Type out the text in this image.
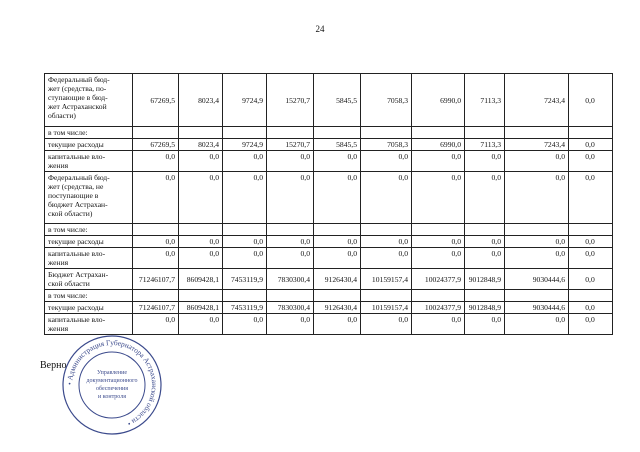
24
Федеральный бюд-
жет (средства, по-
ступающие в бюд-
жет Астраханской
области)	67269,5	8023,4	9724,9	15270,7	5845,5	7058,3	6990,0	7113,3	7243,4	0,0
в том числе:										
текущие расходы	67269,5	8023,4	9724,9	15270,7	5845,5	7058,3	6990,0	7113,3	7243,4	0,0
капитальные вло-
жения	0,0	0,0	0,0	0,0	0,0	0,0	0,0	0,0	0,0	0,0
Федеральный бюд-
жет (средства, не
поступающие в
бюджет Астрахан-
ской области)	0,0	0,0	0,0	0,0	0,0	0,0	0,0	0,0	0,0	0,0
в том числе:										
текущие расходы	0,0	0,0	0,0	0,0	0,0	0,0	0,0	0,0	0,0	0,0
капитальные вло-
жения	0,0	0,0	0,0	0,0	0,0	0,0	0,0	0,0	0,0	0,0
Бюджет Астрахан-
ской области	71246107,7	8609428,1	7453119,9	7830300,4	9126430,4	10159157,4	10024377,9	9012848,9	9030444,6	0,0
в том числе:										
текущие расходы	71246107,7	8609428,1	7453119,9	7830300,4	9126430,4	10159157,4	10024377,9	9012848,9	9030444,6	0,0
капитальные вло-
жения	0,0	0,0	0,0	0,0	0,0	0,0	0,0	0,0	0,0	0,0
Верно
• Администрация Губернатора Астраханской области •
Управление
документационного
обеспечения
и контроля
